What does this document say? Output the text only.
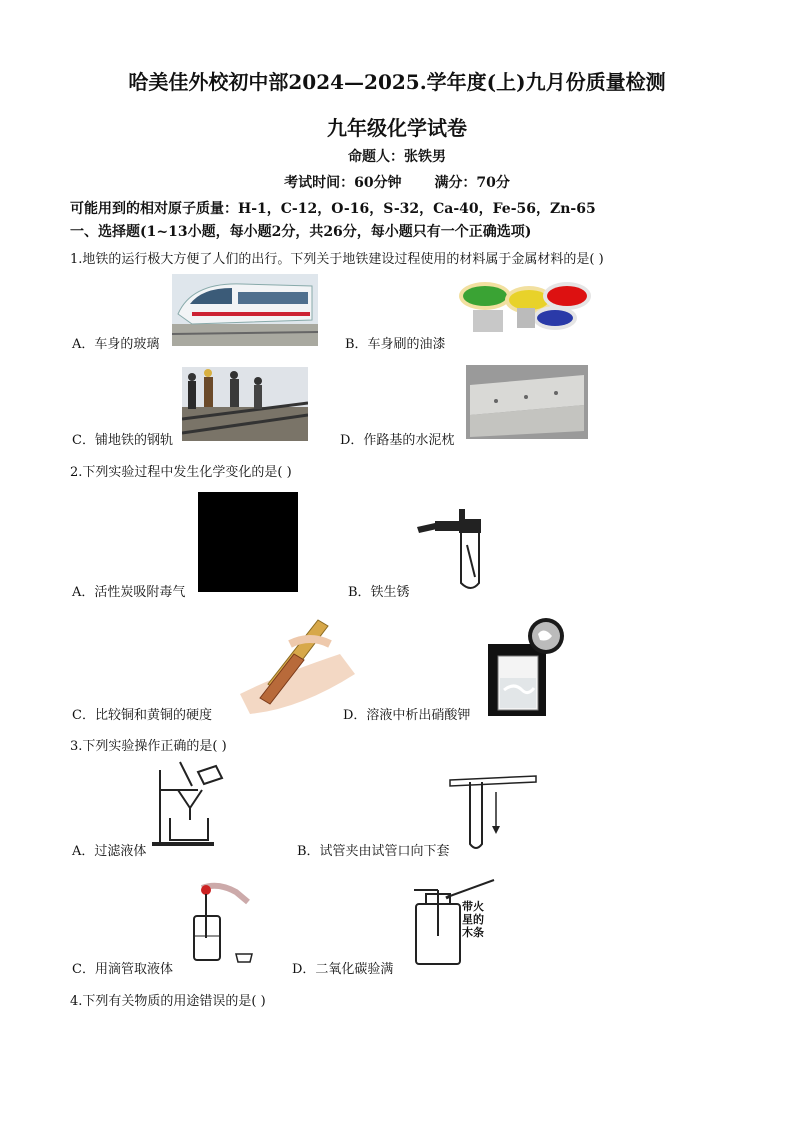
哈美佳外校初中部2024—2025.学年度(上)九月份质量检测
九年级化学试卷
命题人：张铁男
考试时间：60分钟 满分：70分
可能用到的相对原子质量：H-1，C-12，O-16，S-32，Ca-40，Fe-56，Zn-65
一、选择题(1~13小题，每小题2分，共26分，每小题只有一个正确选项)
1.地铁的运行极大方便了人们的出行。下列关于地铁建设过程使用的材料属于金属材料的是( )
A．车身的玻璃	B．车身刷的油漆
C．铺地铁的钢轨	D．作路基的水泥枕
2.下列实验过程中发生化学变化的是( )
A．活性炭吸附毒气	B．铁生锈
C．比较铜和黄铜的硬度	D．溶液中析出硝酸钾
3.下列实验操作正确的是( )
A．过滤液体	B．试管夹由试管口向下套
C．用滴管取液体
带火
星的
木条
D．二氧化碳验满
4.下列有关物质的用途错误的是( )
